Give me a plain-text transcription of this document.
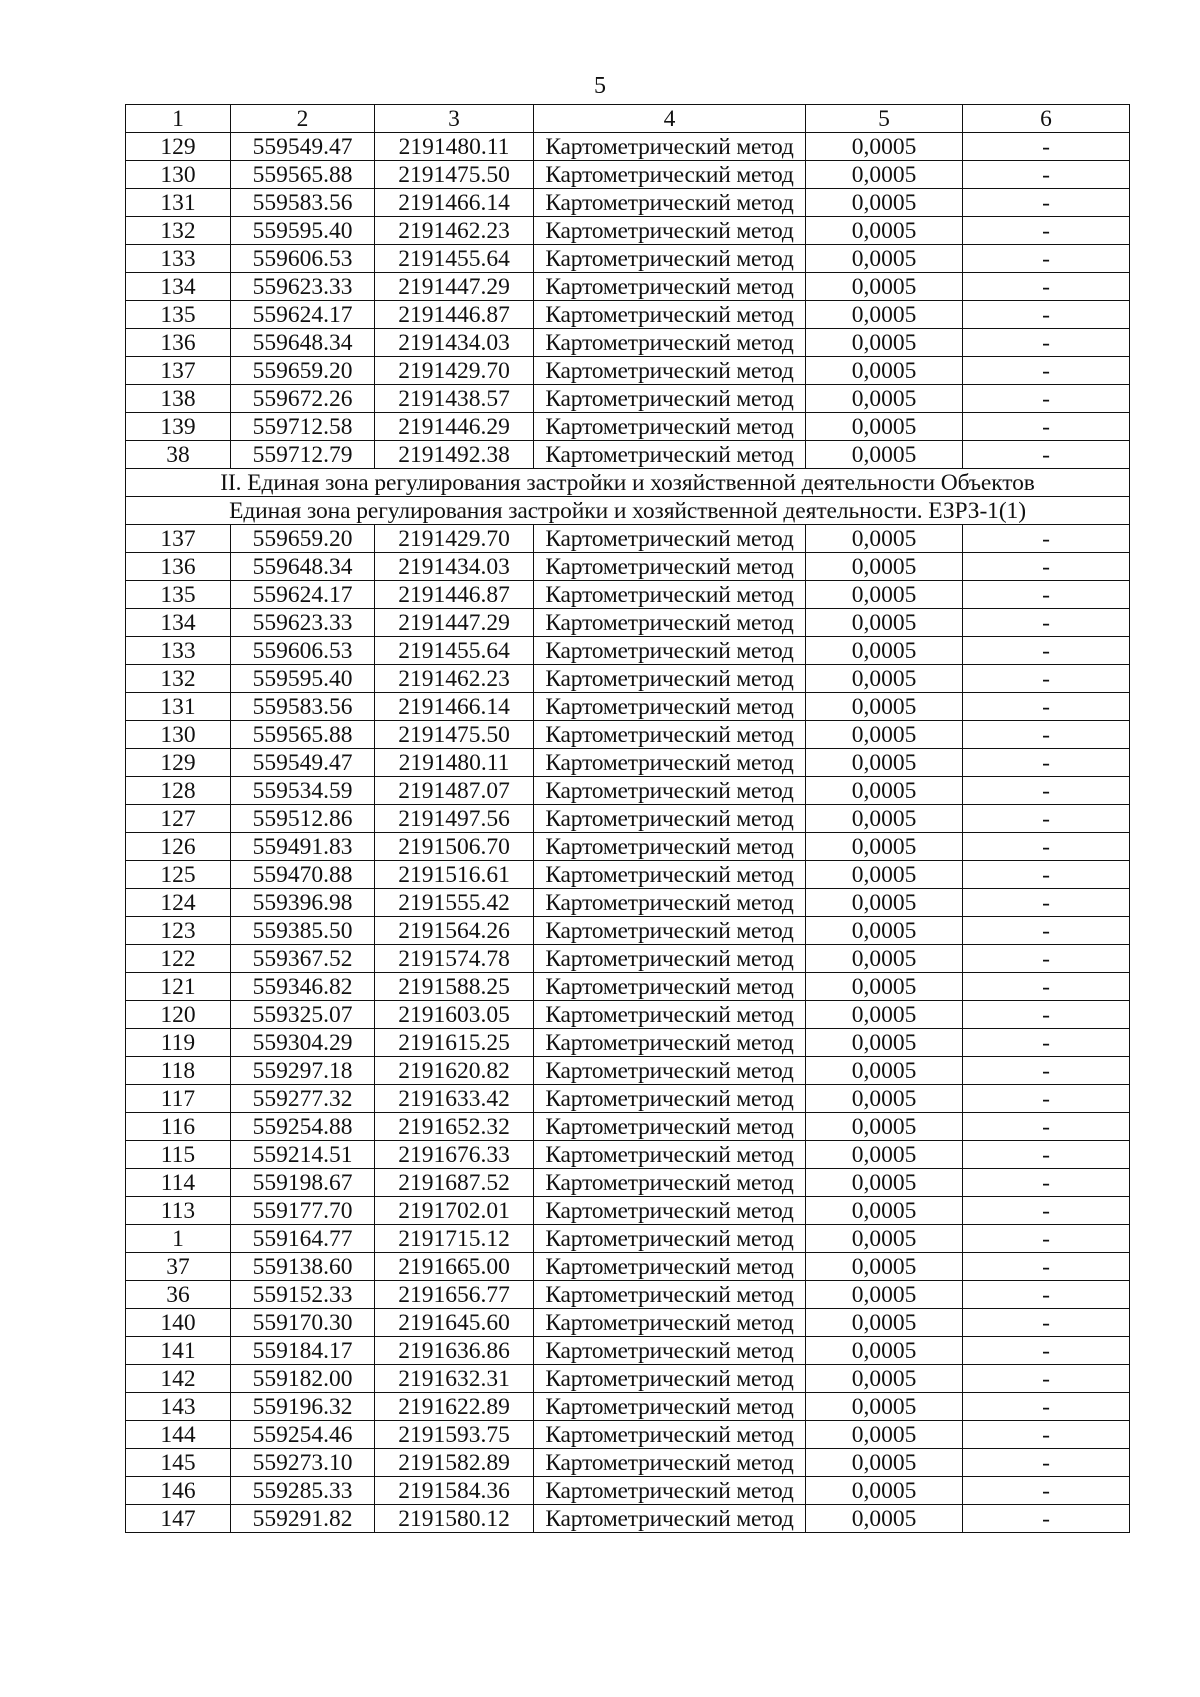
5
1	2	3	4	5	6
129	559549.47	2191480.11	Картометрический метод	0,0005	-
130	559565.88	2191475.50	Картометрический метод	0,0005	-
131	559583.56	2191466.14	Картометрический метод	0,0005	-
132	559595.40	2191462.23	Картометрический метод	0,0005	-
133	559606.53	2191455.64	Картометрический метод	0,0005	-
134	559623.33	2191447.29	Картометрический метод	0,0005	-
135	559624.17	2191446.87	Картометрический метод	0,0005	-
136	559648.34	2191434.03	Картометрический метод	0,0005	-
137	559659.20	2191429.70	Картометрический метод	0,0005	-
138	559672.26	2191438.57	Картометрический метод	0,0005	-
139	559712.58	2191446.29	Картометрический метод	0,0005	-
38	559712.79	2191492.38	Картометрический метод	0,0005	-
II. Единая зона регулирования застройки и хозяйственной деятельности Объектов					
Единая зона регулирования застройки и хозяйственной деятельности. ЕЗРЗ-1(1)					
137	559659.20	2191429.70	Картометрический метод	0,0005	-
136	559648.34	2191434.03	Картометрический метод	0,0005	-
135	559624.17	2191446.87	Картометрический метод	0,0005	-
134	559623.33	2191447.29	Картометрический метод	0,0005	-
133	559606.53	2191455.64	Картометрический метод	0,0005	-
132	559595.40	2191462.23	Картометрический метод	0,0005	-
131	559583.56	2191466.14	Картометрический метод	0,0005	-
130	559565.88	2191475.50	Картометрический метод	0,0005	-
129	559549.47	2191480.11	Картометрический метод	0,0005	-
128	559534.59	2191487.07	Картометрический метод	0,0005	-
127	559512.86	2191497.56	Картометрический метод	0,0005	-
126	559491.83	2191506.70	Картометрический метод	0,0005	-
125	559470.88	2191516.61	Картометрический метод	0,0005	-
124	559396.98	2191555.42	Картометрический метод	0,0005	-
123	559385.50	2191564.26	Картометрический метод	0,0005	-
122	559367.52	2191574.78	Картометрический метод	0,0005	-
121	559346.82	2191588.25	Картометрический метод	0,0005	-
120	559325.07	2191603.05	Картометрический метод	0,0005	-
119	559304.29	2191615.25	Картометрический метод	0,0005	-
118	559297.18	2191620.82	Картометрический метод	0,0005	-
117	559277.32	2191633.42	Картометрический метод	0,0005	-
116	559254.88	2191652.32	Картометрический метод	0,0005	-
115	559214.51	2191676.33	Картометрический метод	0,0005	-
114	559198.67	2191687.52	Картометрический метод	0,0005	-
113	559177.70	2191702.01	Картометрический метод	0,0005	-
1	559164.77	2191715.12	Картометрический метод	0,0005	-
37	559138.60	2191665.00	Картометрический метод	0,0005	-
36	559152.33	2191656.77	Картометрический метод	0,0005	-
140	559170.30	2191645.60	Картометрический метод	0,0005	-
141	559184.17	2191636.86	Картометрический метод	0,0005	-
142	559182.00	2191632.31	Картометрический метод	0,0005	-
143	559196.32	2191622.89	Картометрический метод	0,0005	-
144	559254.46	2191593.75	Картометрический метод	0,0005	-
145	559273.10	2191582.89	Картометрический метод	0,0005	-
146	559285.33	2191584.36	Картометрический метод	0,0005	-
147	559291.82	2191580.12	Картометрический метод	0,0005	-
